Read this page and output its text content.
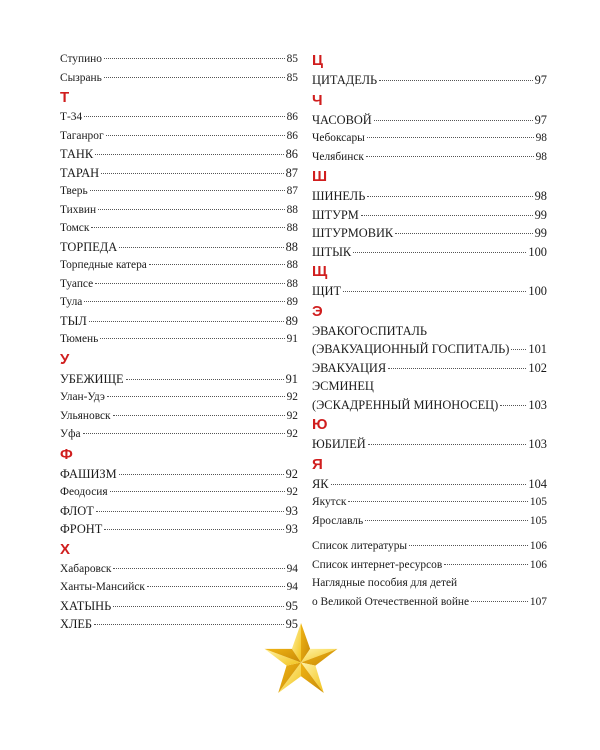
Ступино	85
Сызрань	85
Т
Т-34	86
Таганрог	86
ТАНК	86
ТАРАН	87
Тверь	87
Тихвин	88
Томск	88
ТОРПЕДА	88
Торпедные катера	88
Туапсе	88
Тула	89
ТЫЛ	89
Тюмень	91
У
УБЕЖИЩЕ	91
Улан-Удэ	92
Ульяновск	92
Уфа	92
Ф
ФАШИЗМ	92
Феодосия	92
ФЛОТ	93
ФРОНТ	93
Х
Хабаровск	94
Ханты-Мансийск	94
ХАТЫНЬ	95
ХЛЕБ	95
Ц
ЦИТАДЕЛЬ	97
Ч
ЧАСОВОЙ	97
Чебоксары	98
Челябинск	98
Ш
ШИНЕЛЬ	98
ШТУРМ	99
ШТУРМОВИК	99
ШТЫК	100
Щ
ЩИТ	100
Э
ЭВАКОГОСПИТАЛЬ
(ЭВАКУАЦИОННЫЙ ГОСПИТАЛЬ) 101
ЭВАКУАЦИЯ	102
ЭСМИНЕЦ
(ЭСКАДРЕННЫЙ МИНОНОСЕЦ) 103
Ю
ЮБИЛЕЙ	103
Я
ЯК	104
Якутск	105
Ярославль	105
Список литературы	106
Список интернет-ресурсов	106
Наглядные пособия для детей
о Великой Отечественной войне	107
